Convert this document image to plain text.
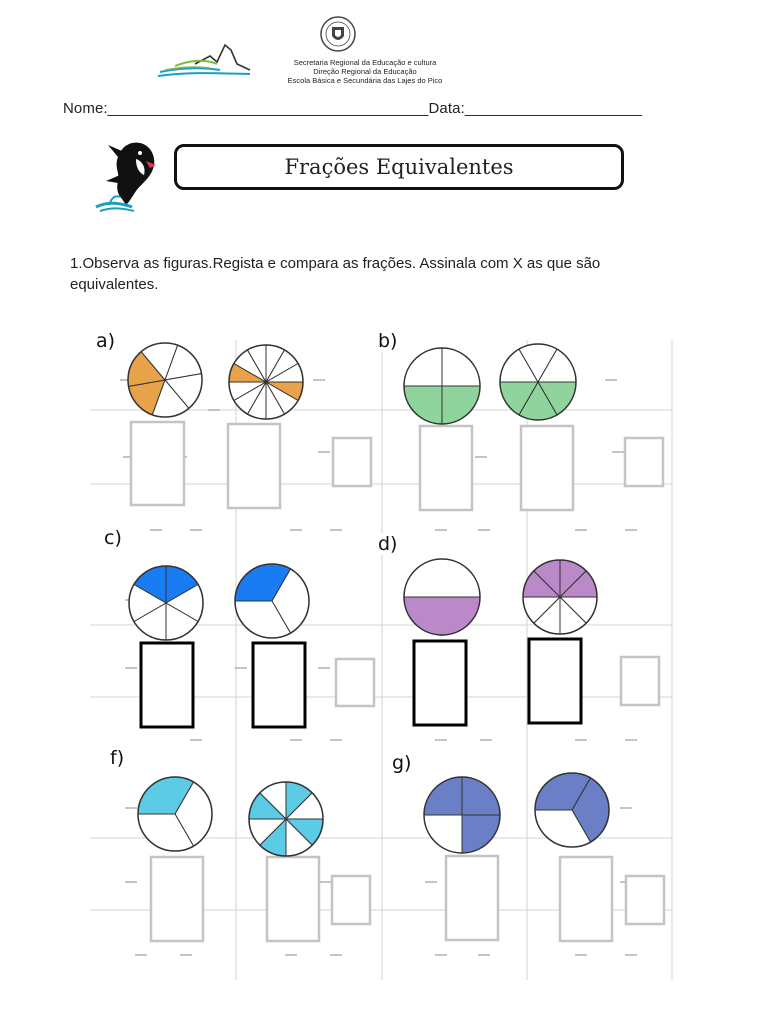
Secretaria Regional da Educação e cultura
Direção Regional da Educação
Escola Básica e Secundária das Lajes do Pico
Nome:______________________________________Data:_____________________
Frações Equivalentes
1.Observa as figuras.Regista e compara as frações. Assinala com X as que são equivalentes.
a)	b)
c)	d)
f)	g)
